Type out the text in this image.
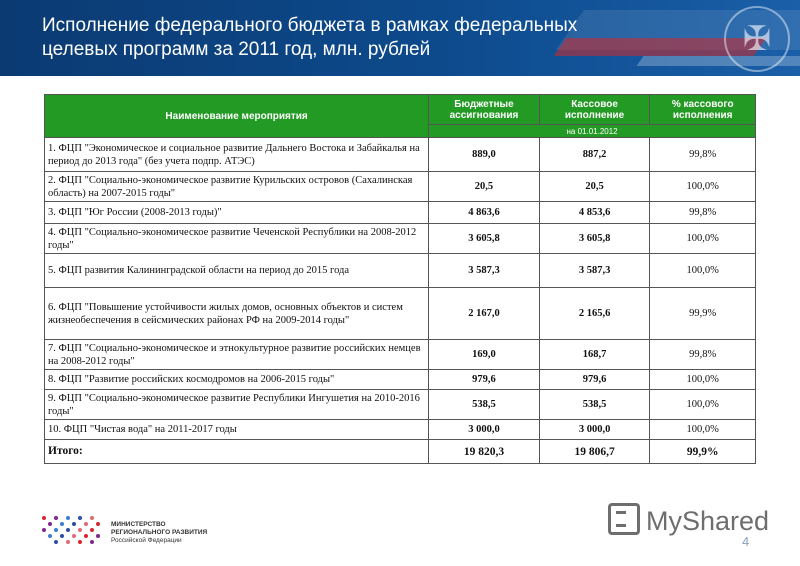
✠
Исполнение федерального бюджета в рамках федеральных
целевых программ за 2011 год, млн. рублей
Наименование мероприятия	Бюджетные ассигнования	Кассовое исполнение	% кассового исполнения
	на 01.01.2012		
1. ФЦП "Экономическое и социальное развитие Дальнего Востока и Забайкалья на период до 2013 года" (без учета подпр. АТЭС)	889,0	887,2	99,8%
2. ФЦП "Социально-экономическое развитие Курильских островов (Сахалинская область) на 2007-2015 годы"	20,5	20,5	100,0%
3. ФЦП "Юг России (2008-2013 годы)"	4 863,6	4 853,6	99,8%
4. ФЦП "Социально-экономическое развитие Чеченской Республики на 2008-2012 годы"	3 605,8	3 605,8	100,0%
5. ФЦП развития Калининградской области на период до 2015 года	3 587,3	3 587,3	100,0%
6. ФЦП "Повышение устойчивости жилых домов, основных объектов и систем жизнеобеспечения в сейсмических районах РФ на 2009-2014 годы"	2 167,0	2 165,6	99,9%
7. ФЦП "Социально-экономическое и этнокультурное развитие российских немцев на 2008-2012 годы"	169,0	168,7	99,8%
8. ФЦП "Развитие российских космодромов на 2006-2015 годы"	979,6	979,6	100,0%
9. ФЦП "Социально-экономическое развитие Республики Ингушетия на 2010-2016 годы"	538,5	538,5	100,0%
10. ФЦП "Чистая вода" на 2011-2017 годы	3 000,0	3 000,0	100,0%
Итого:	19 820,3	19 806,7	99,9%
МИНИСТЕРСТВО
РЕГИОНАЛЬНОГО РАЗВИТИЯ
Российской Федерации
MyShared
4
